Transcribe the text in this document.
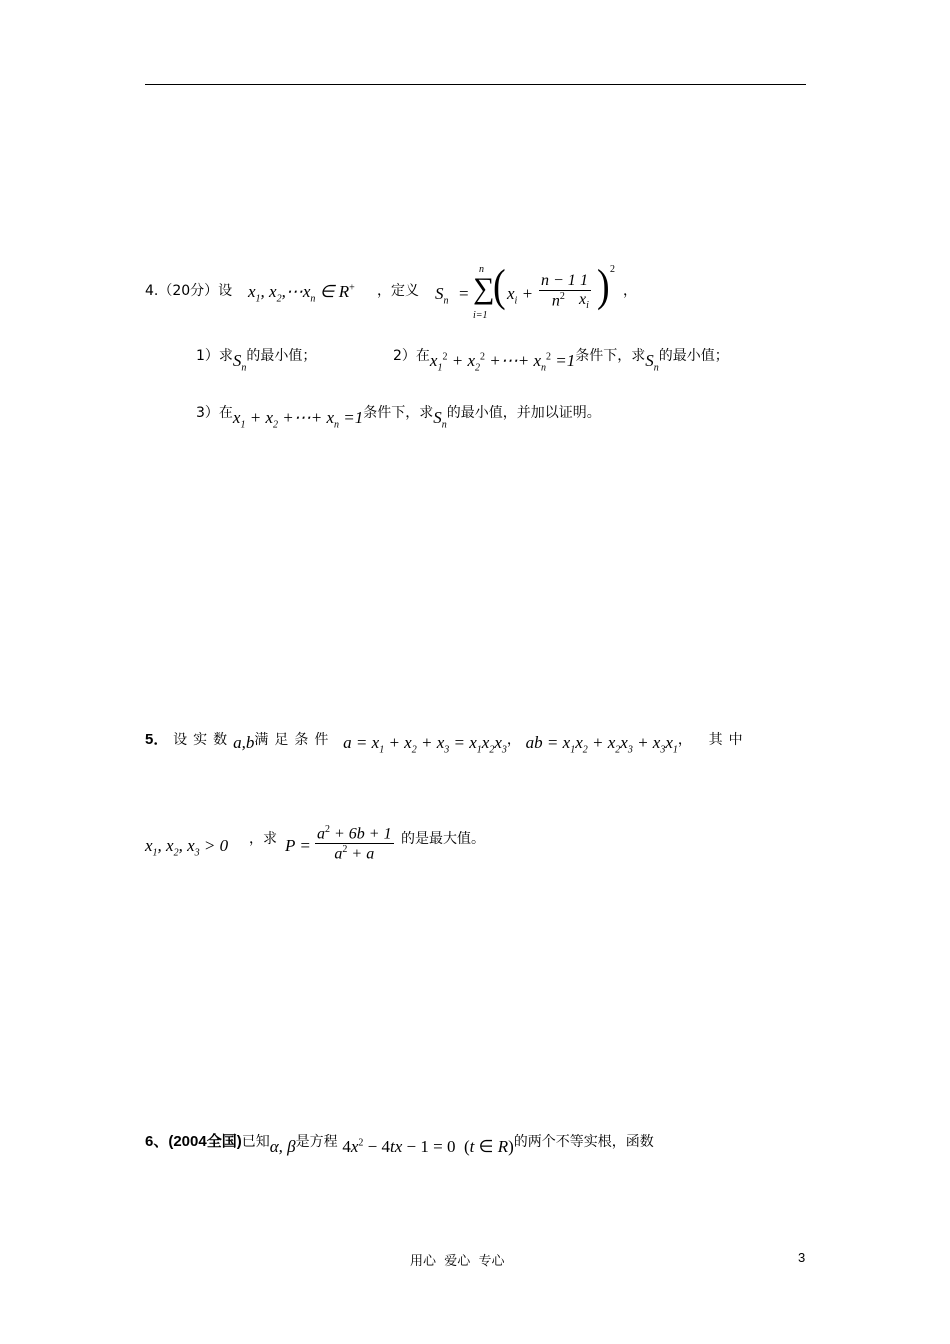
4.（20分）设 $x_1$, $x_2,\cdots x_n$ ∈ R+ ，定义 $S_n$ =
n
∑
i=1
( $x_i + \frac{n - 1}{n^2} \frac{1}{x_i}$ ) 2
，
1）求$S_n$的最小值；	2）在$x_1^2 + x_2^2$ +⋯+ $x_n^2 =1$条件下，求$S_n$的最小值；
3）在$x_1 + x_2$ +⋯+ $x_n =1$条件下，求$S_n$的最小值，并加以证明。
5． 设实数a,b满足条件 $a = x_1 + x_2 + x_3 = x_1x_2x_3$， ab = $x_1x_2 + x_2x_3 + x_3x_1$， 其中
$x_1$, $x_2$, $x_3 > 0$ ，求 $P = \frac{a^2 + 6b + 1}{a^2 + a}$ 的是最大值。
6、(2004全国)已知α, β是方程 $4x^2 - 4tx - 1 = 0$  (t ∈ R)的两个不等实根，函数
用心  爱心  专心	3
